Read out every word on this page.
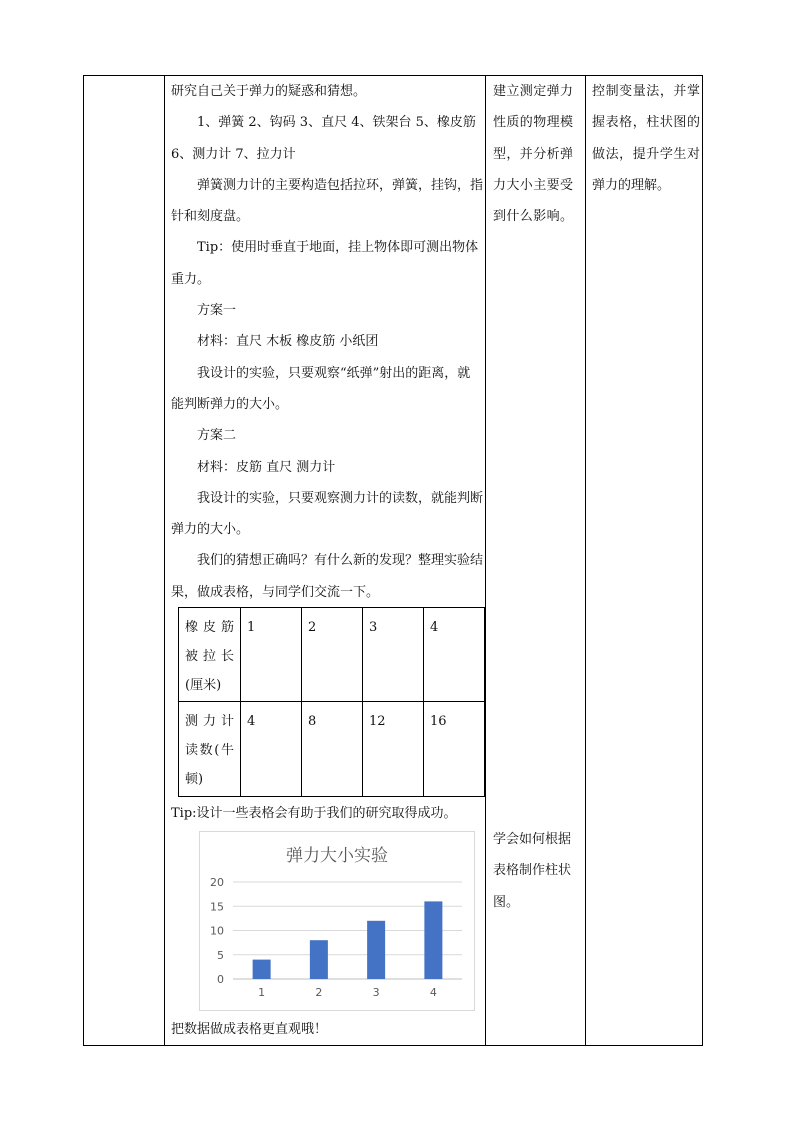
研究自己关于弹力的疑惑和猜想。

1、弹簧 2、钩码 3、直尺 4、铁架台 5、橡皮筋 6、测力计 7、拉力计

弹簧测力计的主要构造包括拉环，弹簧，挂钩，指针和刻度盘。

Tip：使用时垂直于地面，挂上物体即可测出物体重力。

方案一

材料：直尺 木板 橡皮筋 小纸团

我设计的实验，只要观察“纸弹”射出的距离，就能判断弹力的大小。

方案二

材料：皮筋 直尺 测力计

我设计的实验，只要观察测力计的读数，就能判断弹力的大小。

我们的猜想正确吗？有什么新的发现？整理实验结果，做成表格，与同学们交流一下。

橡皮筋被拉长(厘米)	1	2	3	4
测力计读数(牛顿)	4	8	12	16
Tip:设计一些表格会有助于我们的研究取得成功。
弹力大小实验
0
5
10
15
20
1	2	3	4
把数据做成表格更直观哦！

建立测定弹力性质的物理模型，并分析弹力大小主要受到什么影响。

学会如何根据表格制作柱状图。

控制变量法，并掌握表格，柱状图的做法，提升学生对弹力的理解。
